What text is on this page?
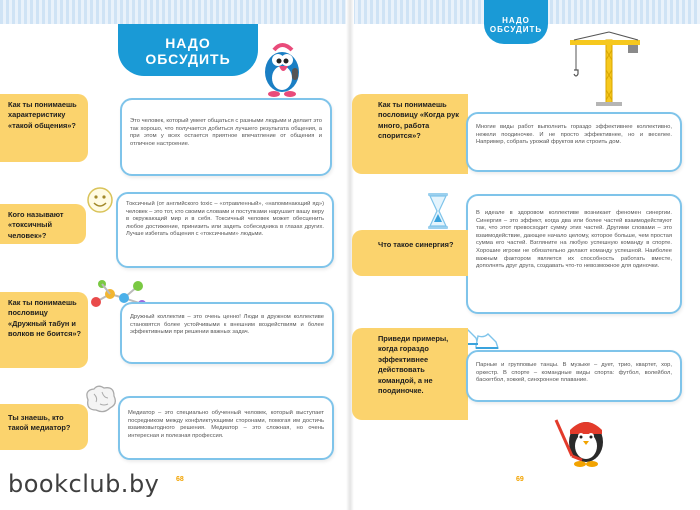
НАДО
ОБСУДИТЬ
Как ты понимаешь характеристику «такой общения»?	Это человек, который умеет общаться с разными людьми и делает это так хорошо, что получается добиться лучшего результата общения, а при этом у всех остается приятное впечатление от общения и отличное настроение.
Кого называют «токсичный человек»?
Токсичный (от английского toxic – «отравленный», «напоминающий яд») человек – это тот, кто своими словами и поступками нарушает вашу веру в окружающий мир и в себя. Токсичный человек может обесценить любое достижение, принизить или задеть собеседника в глазах других. Лучше избегать общения с «токсичными» людьми.
Как ты понимаешь пословицу «Дружный табун и волков не боится»?
Дружный коллектив – это очень ценно! Люди в дружном коллективе становятся более устойчивыми к внешним воздействиям и более эффективными при решении важных задач.
Ты знаешь, кто такой медиатор?
Медиатор – это специально обученный человек, который выступает посредником между конфликтующими сторонами, помогая им достичь взаимовыгодного решения. Медиатор – это сложная, но очень интересная и полезная профессия.
68
НАДО
ОБСУДИТЬ
Как ты понимаешь пословицу «Когда рук много, работа спорится»?
Многие виды работ выполнить гораздо эффективнее коллективно, нежели поодиночке. И не просто эффективнее, но и веселее. Например, собрать урожай фруктов или строить дом.
В идеале в здоровом коллективе возникает феномен синергии. Синергия – это эффект, когда два или более частей взаимодействуют так, что этот превосходит сумму этих частей. Другими словами – это взаимодействие, дающее начало целому, которое больше, чем простая сумма его частей. Взгляните на любую успешную команду в спорте. Хорошие игроки не обязательно делают команду успешной. Наиболее важным фактором является их способность работать вместе, дополнять друг друга, создавать что-то невозможное для одиночки.
Что такое синергия?
Приведи примеры, когда гораздо эффективнее действовать командой, а не поодиночке.
Парные и групповые танцы. В музыке – дует, трио, квартет, хор, оркестр. В спорте – командные виды спорта: футбол, волейбол, баскетбол, хоккей, синхронное плавание.
69
bookclub.by
